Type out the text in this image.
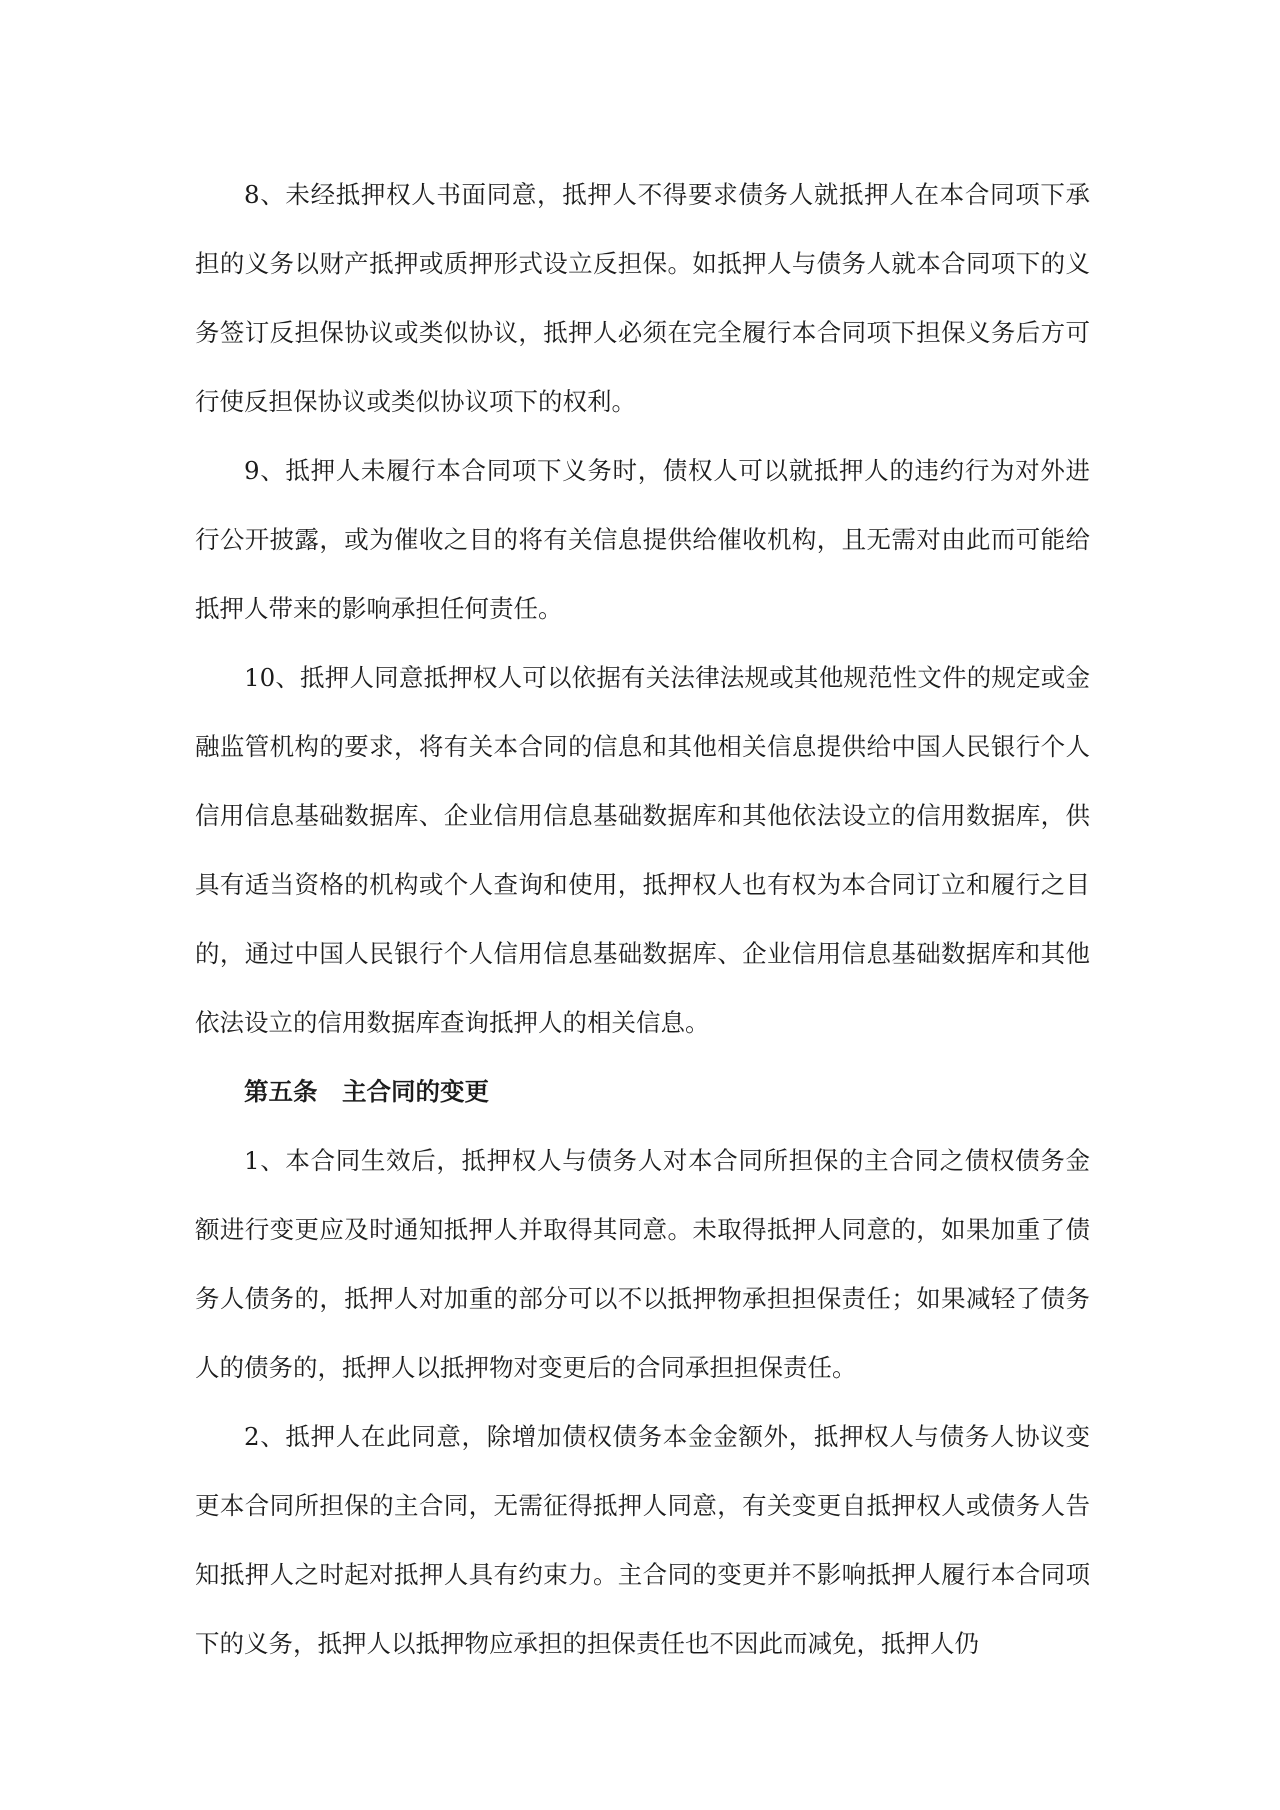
8、未经抵押权人书面同意，抵押人不得要求债务人就抵押人在本合同项下承担的义务以财产抵押或质押形式设立反担保。如抵押人与债务人就本合同项下的义务签订反担保协议或类似协议，抵押人必须在完全履行本合同项下担保义务后方可行使反担保协议或类似协议项下的权利。

9、抵押人未履行本合同项下义务时，债权人可以就抵押人的违约行为对外进行公开披露，或为催收之目的将有关信息提供给催收机构，且无需对由此而可能给抵押人带来的影响承担任何责任。

10、抵押人同意抵押权人可以依据有关法律法规或其他规范性文件的规定或金融监管机构的要求，将有关本合同的信息和其他相关信息提供给中国人民银行个人信用信息基础数据库、企业信用信息基础数据库和其他依法设立的信用数据库，供具有适当资格的机构或个人查询和使用，抵押权人也有权为本合同订立和履行之目的，通过中国人民银行个人信用信息基础数据库、企业信用信息基础数据库和其他依法设立的信用数据库查询抵押人的相关信息。

第五条　主合同的变更

1、本合同生效后，抵押权人与债务人对本合同所担保的主合同之债权债务金额进行变更应及时通知抵押人并取得其同意。未取得抵押人同意的，如果加重了债务人债务的，抵押人对加重的部分可以不以抵押物承担担保责任；如果减轻了债务人的债务的，抵押人以抵押物对变更后的合同承担担保责任。

2、抵押人在此同意，除增加债权债务本金金额外，抵押权人与债务人协议变更本合同所担保的主合同，无需征得抵押人同意，有关变更自抵押权人或债务人告知抵押人之时起对抵押人具有约束力。主合同的变更并不影响抵押人履行本合同项下的义务，抵押人以抵押物应承担的担保责任也不因此而减免，抵押人仍
